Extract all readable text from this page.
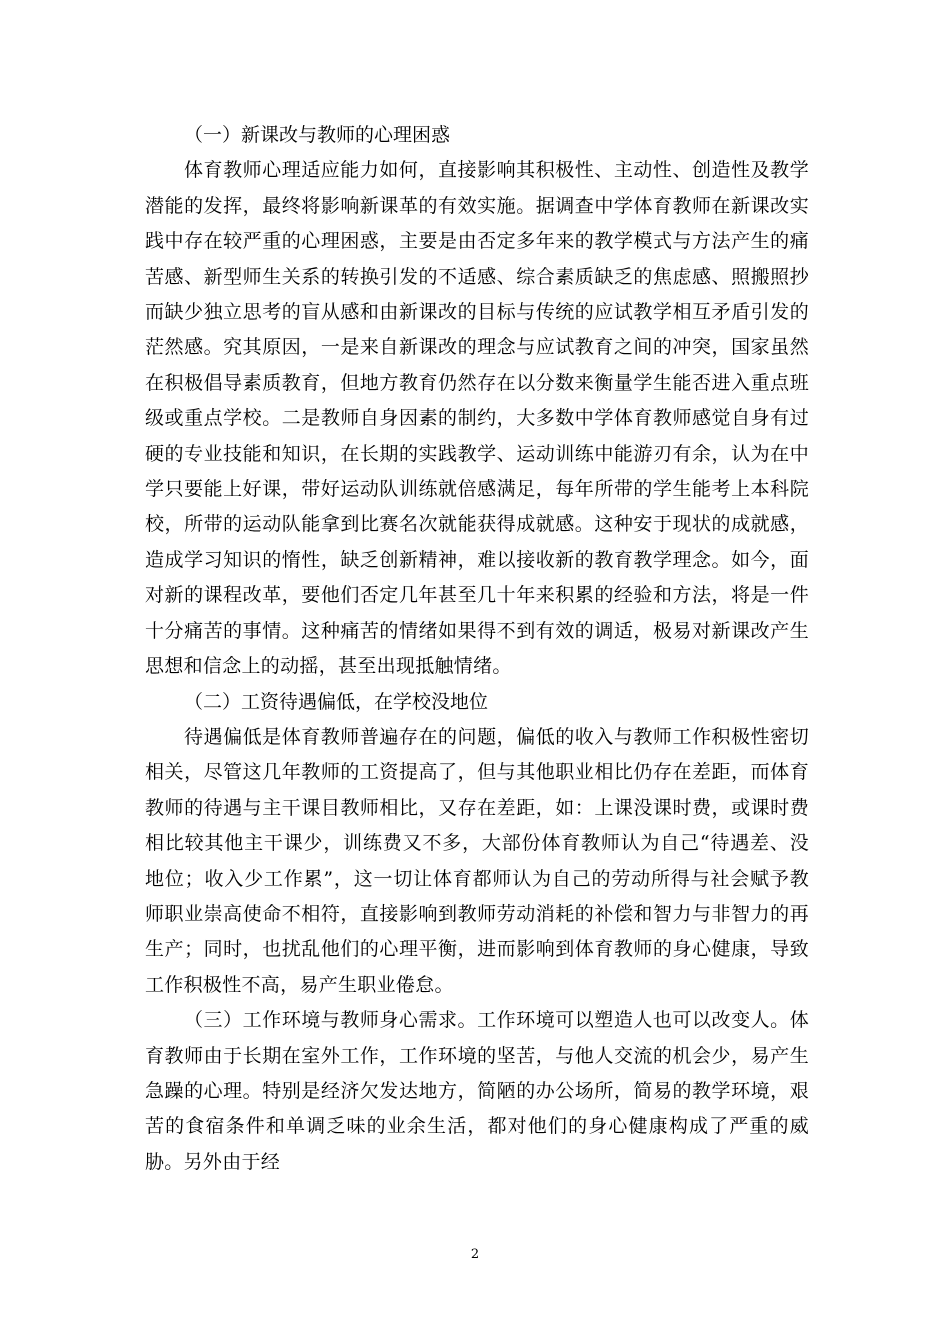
（一）新课改与教师的心理困惑

体育教师心理适应能力如何，直接影响其积极性、主动性、创造性及教学潜能的发挥，最终将影响新课革的有效实施。据调查中学体育教师在新课改实践中存在较严重的心理困惑，主要是由否定多年来的教学模式与方法产生的痛苦感、新型师生关系的转换引发的不适感、综合素质缺乏的焦虑感、照搬照抄而缺少独立思考的盲从感和由新课改的目标与传统的应试教学相互矛盾引发的茫然感。究其原因，一是来自新课改的理念与应试教育之间的冲突，国家虽然在积极倡导素质教育，但地方教育仍然存在以分数来衡量学生能否进入重点班级或重点学校。二是教师自身因素的制约，大多数中学体育教师感觉自身有过硬的专业技能和知识，在长期的实践教学、运动训练中能游刃有余，认为在中学只要能上好课，带好运动队训练就倍感满足，每年所带的学生能考上本科院校，所带的运动队能拿到比赛名次就能获得成就感。这种安于现状的成就感，造成学习知识的惰性，缺乏创新精神，难以接收新的教育教学理念。如今，面对新的课程改革，要他们否定几年甚至几十年来积累的经验和方法，将是一件十分痛苦的事情。这种痛苦的情绪如果得不到有效的调适，极易对新课改产生思想和信念上的动摇，甚至出现抵触情绪。

（二）工资待遇偏低，在学校没地位

待遇偏低是体育教师普遍存在的问题，偏低的收入与教师工作积极性密切相关，尽管这几年教师的工资提高了，但与其他职业相比仍存在差距，而体育教师的待遇与主干课目教师相比，又存在差距，如：上课没课时费，或课时费相比较其他主干课少，训练费又不多，大部份体育教师认为自己“待遇差、没地位；收入少工作累”，这一切让体育都师认为自己的劳动所得与社会赋予教师职业崇高使命不相符，直接影响到教师劳动消耗的补偿和智力与非智力的再生产；同时，也扰乱他们的心理平衡，进而影响到体育教师的身心健康，导致工作积极性不高，易产生职业倦怠。

（三）工作环境与教师身心需求。工作环境可以塑造人也可以改变人。体育教师由于长期在室外工作，工作环境的坚苦，与他人交流的机会少，易产生急躁的心理。特别是经济欠发达地方，简陋的办公场所，简易的教学环境，艰苦的食宿条件和单调乏味的业余生活，都对他们的身心健康构成了严重的威胁。另外由于经

2
